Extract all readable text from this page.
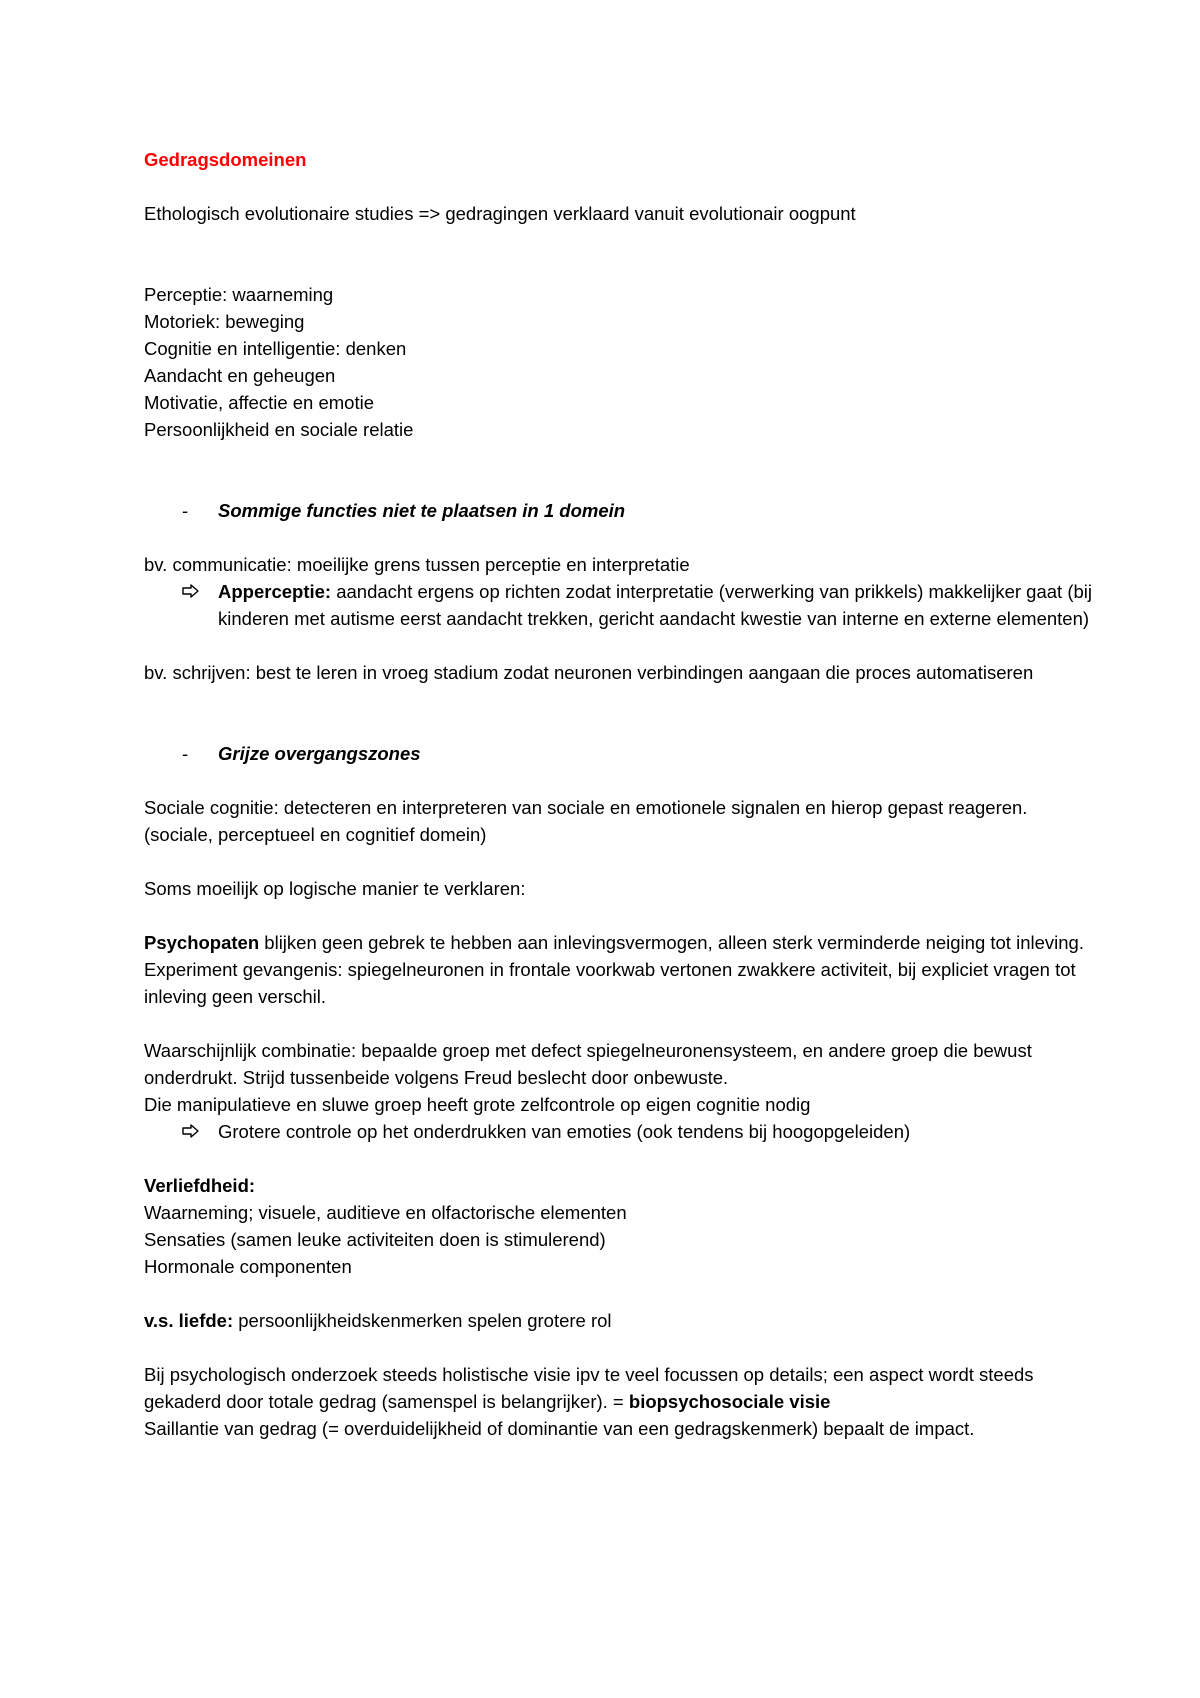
Gedragsdomeinen

Ethologisch evolutionaire studies => gedragingen verklaard vanuit evolutionair oogpunt

Perceptie: waarneming

Motoriek: beweging

Cognitie en intelligentie: denken

Aandacht en geheugen

Motivatie, affectie en emotie

Persoonlijkheid en sociale relatie

-	Sommige functies niet te plaatsen in 1 domein

bv. communicatie: moeilijke grens tussen perceptie en interpretatie

Apperceptie: aandacht ergens op richten zodat interpretatie (verwerking van prikkels) makkelijker gaat (bij kinderen met autisme eerst aandacht trekken, gericht aandacht kwestie van interne en externe elementen)

bv. schrijven: best te leren in vroeg stadium zodat neuronen verbindingen aangaan die proces automatiseren

-	Grijze overgangszones

Sociale cognitie: detecteren en interpreteren van sociale en emotionele signalen en hierop gepast reageren. (sociale, perceptueel en cognitief domein)

Soms moeilijk op logische manier te verklaren:

Psychopaten blijken geen gebrek te hebben aan inlevingsvermogen, alleen sterk verminderde neiging tot inleving. Experiment gevangenis: spiegelneuronen in frontale voorkwab vertonen zwakkere activiteit, bij expliciet vragen tot inleving geen verschil.

Waarschijnlijk combinatie: bepaalde groep met defect spiegelneuronensysteem, en andere groep die bewust onderdrukt. Strijd tussenbeide volgens Freud beslecht door onbewuste.

Die manipulatieve en sluwe groep heeft grote zelfcontrole op eigen cognitie nodig

Grotere controle op het onderdrukken van emoties (ook tendens bij hoogopgeleiden)

Verliefdheid:

Waarneming; visuele, auditieve en olfactorische elementen

Sensaties (samen leuke activiteiten doen is stimulerend)

Hormonale componenten

v.s. liefde: persoonlijkheidskenmerken spelen grotere rol

Bij psychologisch onderzoek steeds holistische visie ipv te veel focussen op details; een aspect wordt steeds gekaderd door totale gedrag (samenspel is belangrijker). = biopsychosociale visie

Saillantie van gedrag (= overduidelijkheid of dominantie van een gedragskenmerk) bepaalt de impact.
